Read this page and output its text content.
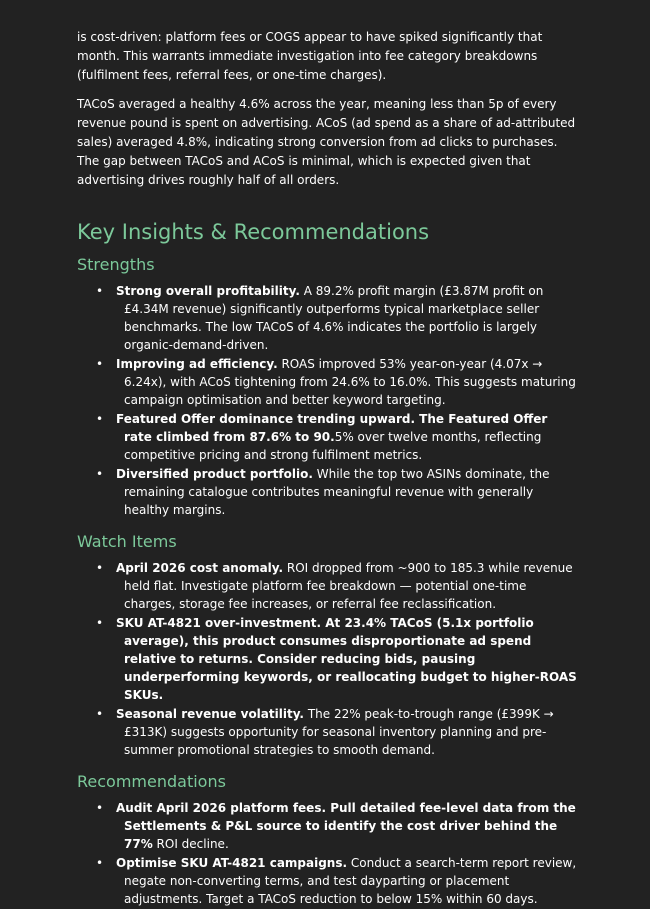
is cost-driven: platform fees or COGS appear to have spiked significantly that month. This warrants immediate investigation into fee category breakdowns (fulfilment fees, referral fees, or one-time charges).

TACoS averaged a healthy 4.6% across the year, meaning less than 5p of every revenue pound is spent on advertising. ACoS (ad spend as a share of ad-attributed sales) averaged 4.8%, indicating strong conversion from ad clicks to purchases. The gap between TACoS and ACoS is minimal, which is expected given that advertising drives roughly half of all orders.

Key Insights & Recommendations
Strengths
• Strong overall profitability. A 89.2% profit margin (£3.87M profit on £4.34M revenue) significantly outperforms typical marketplace seller benchmarks. The low TACoS of 4.6% indicates the portfolio is largely organic-demand-driven.
• Improving ad efficiency. ROAS improved 53% year-on-year (4.07x → 6.24x), with ACoS tightening from 24.6% to 16.0%. This suggests maturing campaign optimisation and better keyword targeting.
• Featured Offer dominance trending upward. The Featured Offer rate climbed from 87.6% to 90.5% over twelve months, reflecting competitive pricing and strong fulfilment metrics.
• Diversified product portfolio. While the top two ASINs dominate, the remaining catalogue contributes meaningful revenue with generally healthy margins.
Watch Items
• April 2026 cost anomaly. ROI dropped from ~900 to 185.3 while revenue held flat. Investigate platform fee breakdown — potential one-time charges, storage fee increases, or referral fee reclassification.
• SKU AT-4821 over-investment. At 23.4% TACoS (5.1x portfolio average), this product consumes disproportionate ad spend relative to returns. Consider reducing bids, pausing underperforming keywords, or reallocating budget to higher-ROAS SKUs.
• Seasonal revenue volatility. The 22% peak-to-trough range (£399K → £313K) suggests opportunity for seasonal inventory planning and pre-summer promotional strategies to smooth demand.
Recommendations
• Audit April 2026 platform fees. Pull detailed fee-level data from the Settlements & P&L source to identify the cost driver behind the 77% ROI decline.
• Optimise SKU AT-4821 campaigns. Conduct a search-term report review, negate non-converting terms, and test dayparting or placement adjustments. Target a TACoS reduction to below 15% within 60 days.
